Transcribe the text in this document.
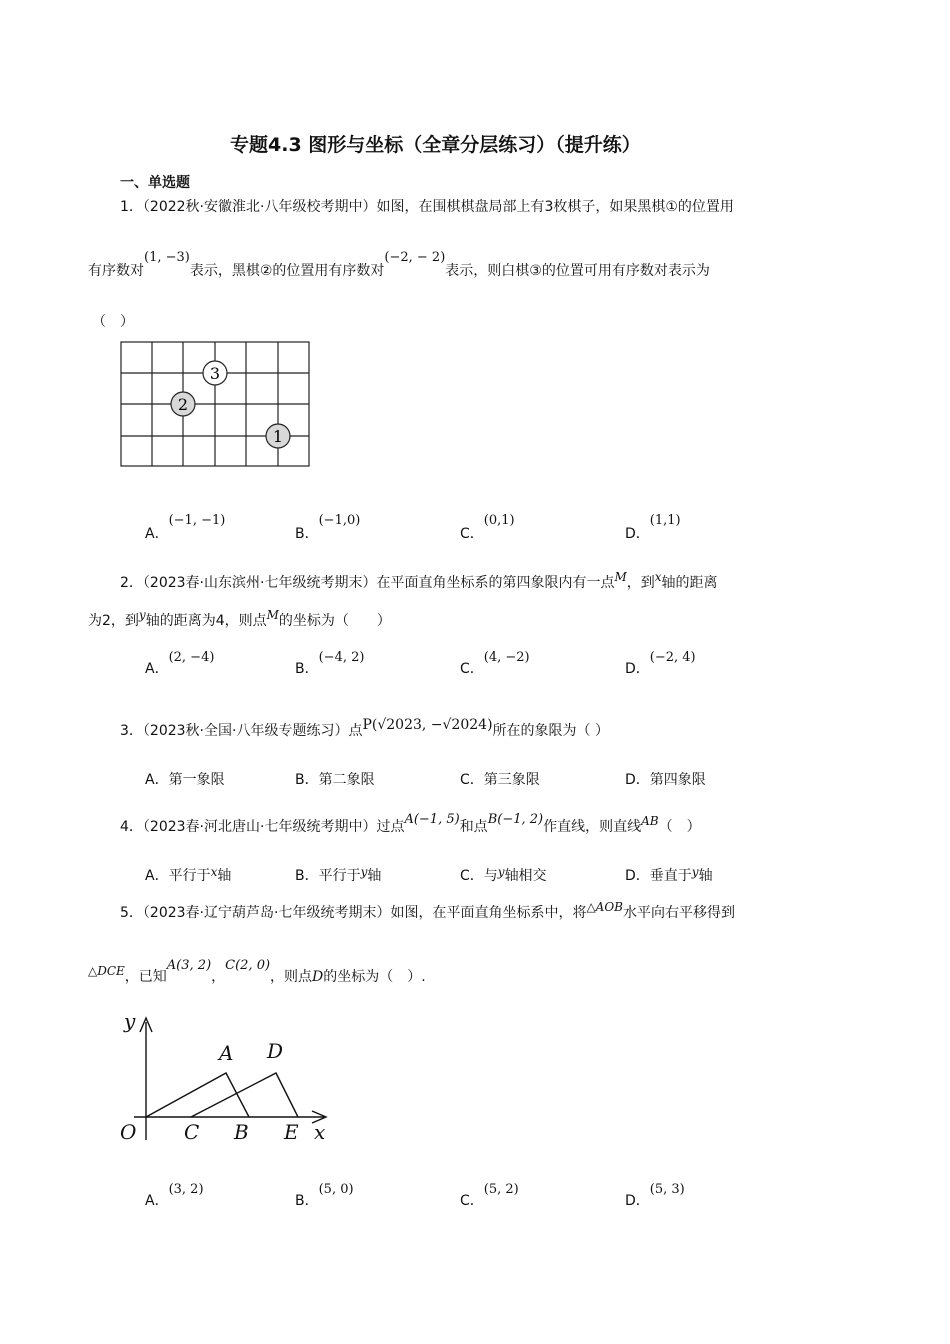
专题4.3 图形与坐标（全章分层练习）（提升练）
一、单选题
1．（2022秋·安徽淮北·八年级校考期中）如图，在围棋棋盘局部上有3枚棋子，如果黑棋①的位置用
有序数对(1, −3)表示，黑棋②的位置用有序数对(−2, − 2)表示，则白棋③的位置可用有序数对表示为
（　）
3
2
1
A．(−1, −1)
B．(−1,0)
C．(0,1)
D．(1,1)
2．（2023春·山东滨州·七年级统考期末）在平面直角坐标系的第四象限内有一点M，到x轴的距离
为2，到y轴的距离为4，则点M的坐标为（　　）
A．(2, −4)
B．(−4, 2)
C．(4, −2)
D．(−2, 4)
3．（2023秋·全国·八年级专题练习）点P(√2023, −√2024)所在的象限为（ ）
A．第一象限	B．第二象限	C．第三象限	D．第四象限
4．（2023春·河北唐山·七年级统考期中）过点A(−1, 5)和点B(−1, 2)作直线，则直线AB（　）
A．平行于x轴	B．平行于y轴	C．与y轴相交	D．垂直于y轴
5．（2023春·辽宁葫芦岛·七年级统考期末）如图，在平面直角坐标系中，将△AOB水平向右平移得到
△DCE，已知A(3, 2)，C(2, 0)，则点D的坐标为（　）.
y
x
O
A D
C B E
A．(3, 2)
B．(5, 0)
C．(5, 2)
D．(5, 3)
